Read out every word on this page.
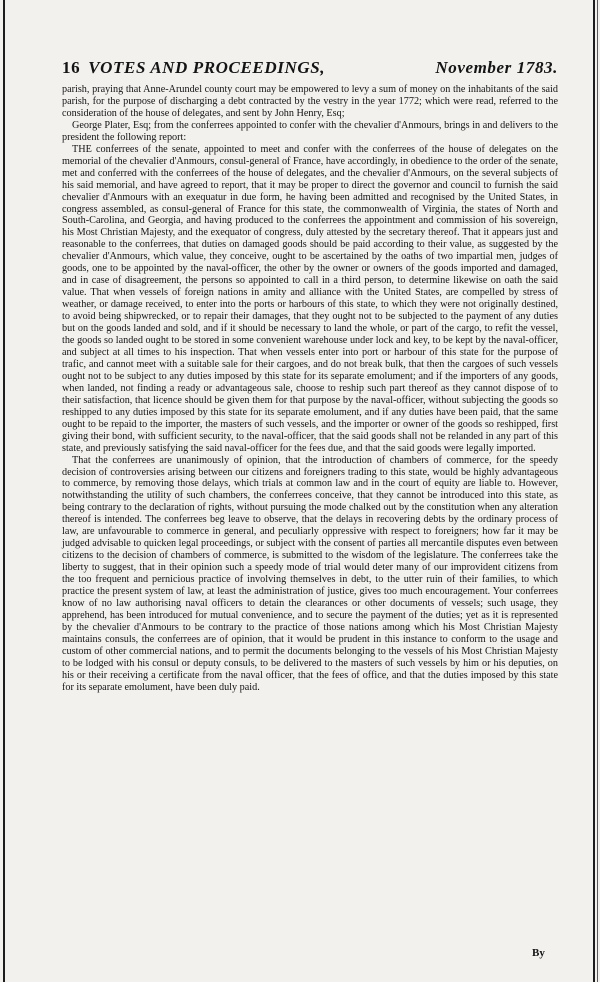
16 VOTES AND PROCEEDINGS,	November 1783.

parish, praying that Anne-Arundel county court may be empowered to levy a sum of money on the inhabitants of the said parish, for the purpose of discharging a debt contracted by the vestry in the year 1772; which were read, referred to the consideration of the house of delegates, and sent by John Henry, Esq;

George Plater, Esq; from the conferrees appointed to confer with the chevalier d'Anmours, brings in and delivers to the president the following report:

THE conferrees of the senate, appointed to meet and confer with the conferrees of the house of delegates on the memorial of the chevalier d'Anmours, consul-general of France, have accordingly, in obedience to the order of the senate, met and conferred with the conferrees of the house of delegates, and the chevalier d'Anmours, on the several subjects of his said memorial, and have agreed to report, that it may be proper to direct the governor and council to furnish the said chevalier d'Anmours with an exequatur in due form, he having been admitted and recognised by the United States, in congress assembled, as consul-general of France for this state, the commonwealth of Virginia, the states of North and South-Carolina, and Georgia, and having produced to the conferrees the appointment and commission of his sovereign, his Most Christian Majesty, and the exequator of congress, duly attested by the secretary thereof. That it appears just and reasonable to the conferrees, that duties on damaged goods should be paid according to their value, as suggested by the chevalier d'Anmours, which value, they conceive, ought to be ascertained by the oaths of two impartial men, judges of goods, one to be appointed by the naval-officer, the other by the owner or owners of the goods imported and damaged, and in case of disagreement, the persons so appointed to call in a third person, to determine likewise on oath the said value. That when vessels of foreign nations in amity and alliance with the United States, are compelled by stress of weather, or damage received, to enter into the ports or harbours of this state, to which they were not originally destined, to avoid being shipwrecked, or to repair their damages, that they ought not to be subjected to the payment of any duties but on the goods landed and sold, and if it should be necessary to land the whole, or part of the cargo, to refit the vessel, the goods so landed ought to be stored in some convenient warehouse under lock and key, to be kept by the naval-officer, and subject at all times to his inspection. That when vessels enter into port or harbour of this state for the purpose of trafic, and cannot meet with a suitable sale for their cargoes, and do not break bulk, that then the cargoes of such vessels ought not to be subject to any duties imposed by this state for its separate emolument; and if the importers of any goods, when landed, not finding a ready or advantageous sale, choose to reship such part thereof as they cannot dispose of to their satisfaction, that licence should be given them for that purpose by the naval-officer, without subjecting the goods so reshipped to any duties imposed by this state for its separate emolument, and if any duties have been paid, that the same ought to be repaid to the importer, the masters of such vessels, and the importer or owner of the goods so reshipped, first giving their bond, with sufficient security, to the naval-officer, that the said goods shall not be relanded in any part of this state, and previously satisfying the said naval-officer for the fees due, and that the said goods were legally imported.

That the conferrees are unanimously of opinion, that the introduction of chambers of commerce, for the speedy decision of controversies arising between our citizens and foreigners trading to this state, would be highly advantageous to commerce, by removing those delays, which trials at common law and in the court of equity are liable to. However, notwithstanding the utility of such chambers, the conferrees conceive, that they cannot be introduced into this state, as being contrary to the declaration of rights, without pursuing the mode chalked out by the constitution when any alteration thereof is intended. The conferrees beg leave to observe, that the delays in recovering debts by the ordinary process of law, are unfavourable to commerce in general, and peculiarly oppressive with respect to foreigners; how far it may be judged advisable to quicken legal proceedings, or subject with the consent of parties all mercantile disputes even between citizens to the decision of chambers of commerce, is submitted to the wisdom of the legislature. The conferrees take the liberty to suggest, that in their opinion such a speedy mode of trial would deter many of our improvident citizens from the too frequent and pernicious practice of involving themselves in debt, to the utter ruin of their families, to which practice the present system of law, at least the administration of justice, gives too much encouragement. Your conferrees know of no law authorising naval officers to detain the clearances or other documents of vessels; such usage, they apprehend, has been introduced for mutual convenience, and to secure the payment of the duties; yet as it is represented by the chevalier d'Anmours to be contrary to the practice of those nations among which his Most Christian Majesty maintains consuls, the conferrees are of opinion, that it would be prudent in this instance to conform to the usage and custom of other commercial nations, and to permit the documents belonging to the vessels of his Most Christian Majesty to be lodged with his consul or deputy consuls, to be delivered to the masters of such vessels by him or his deputies, on his or their receiving a certificate from the naval officer, that the fees of office, and that the duties imposed by this state for its separate emolument, have been duly paid.

By
